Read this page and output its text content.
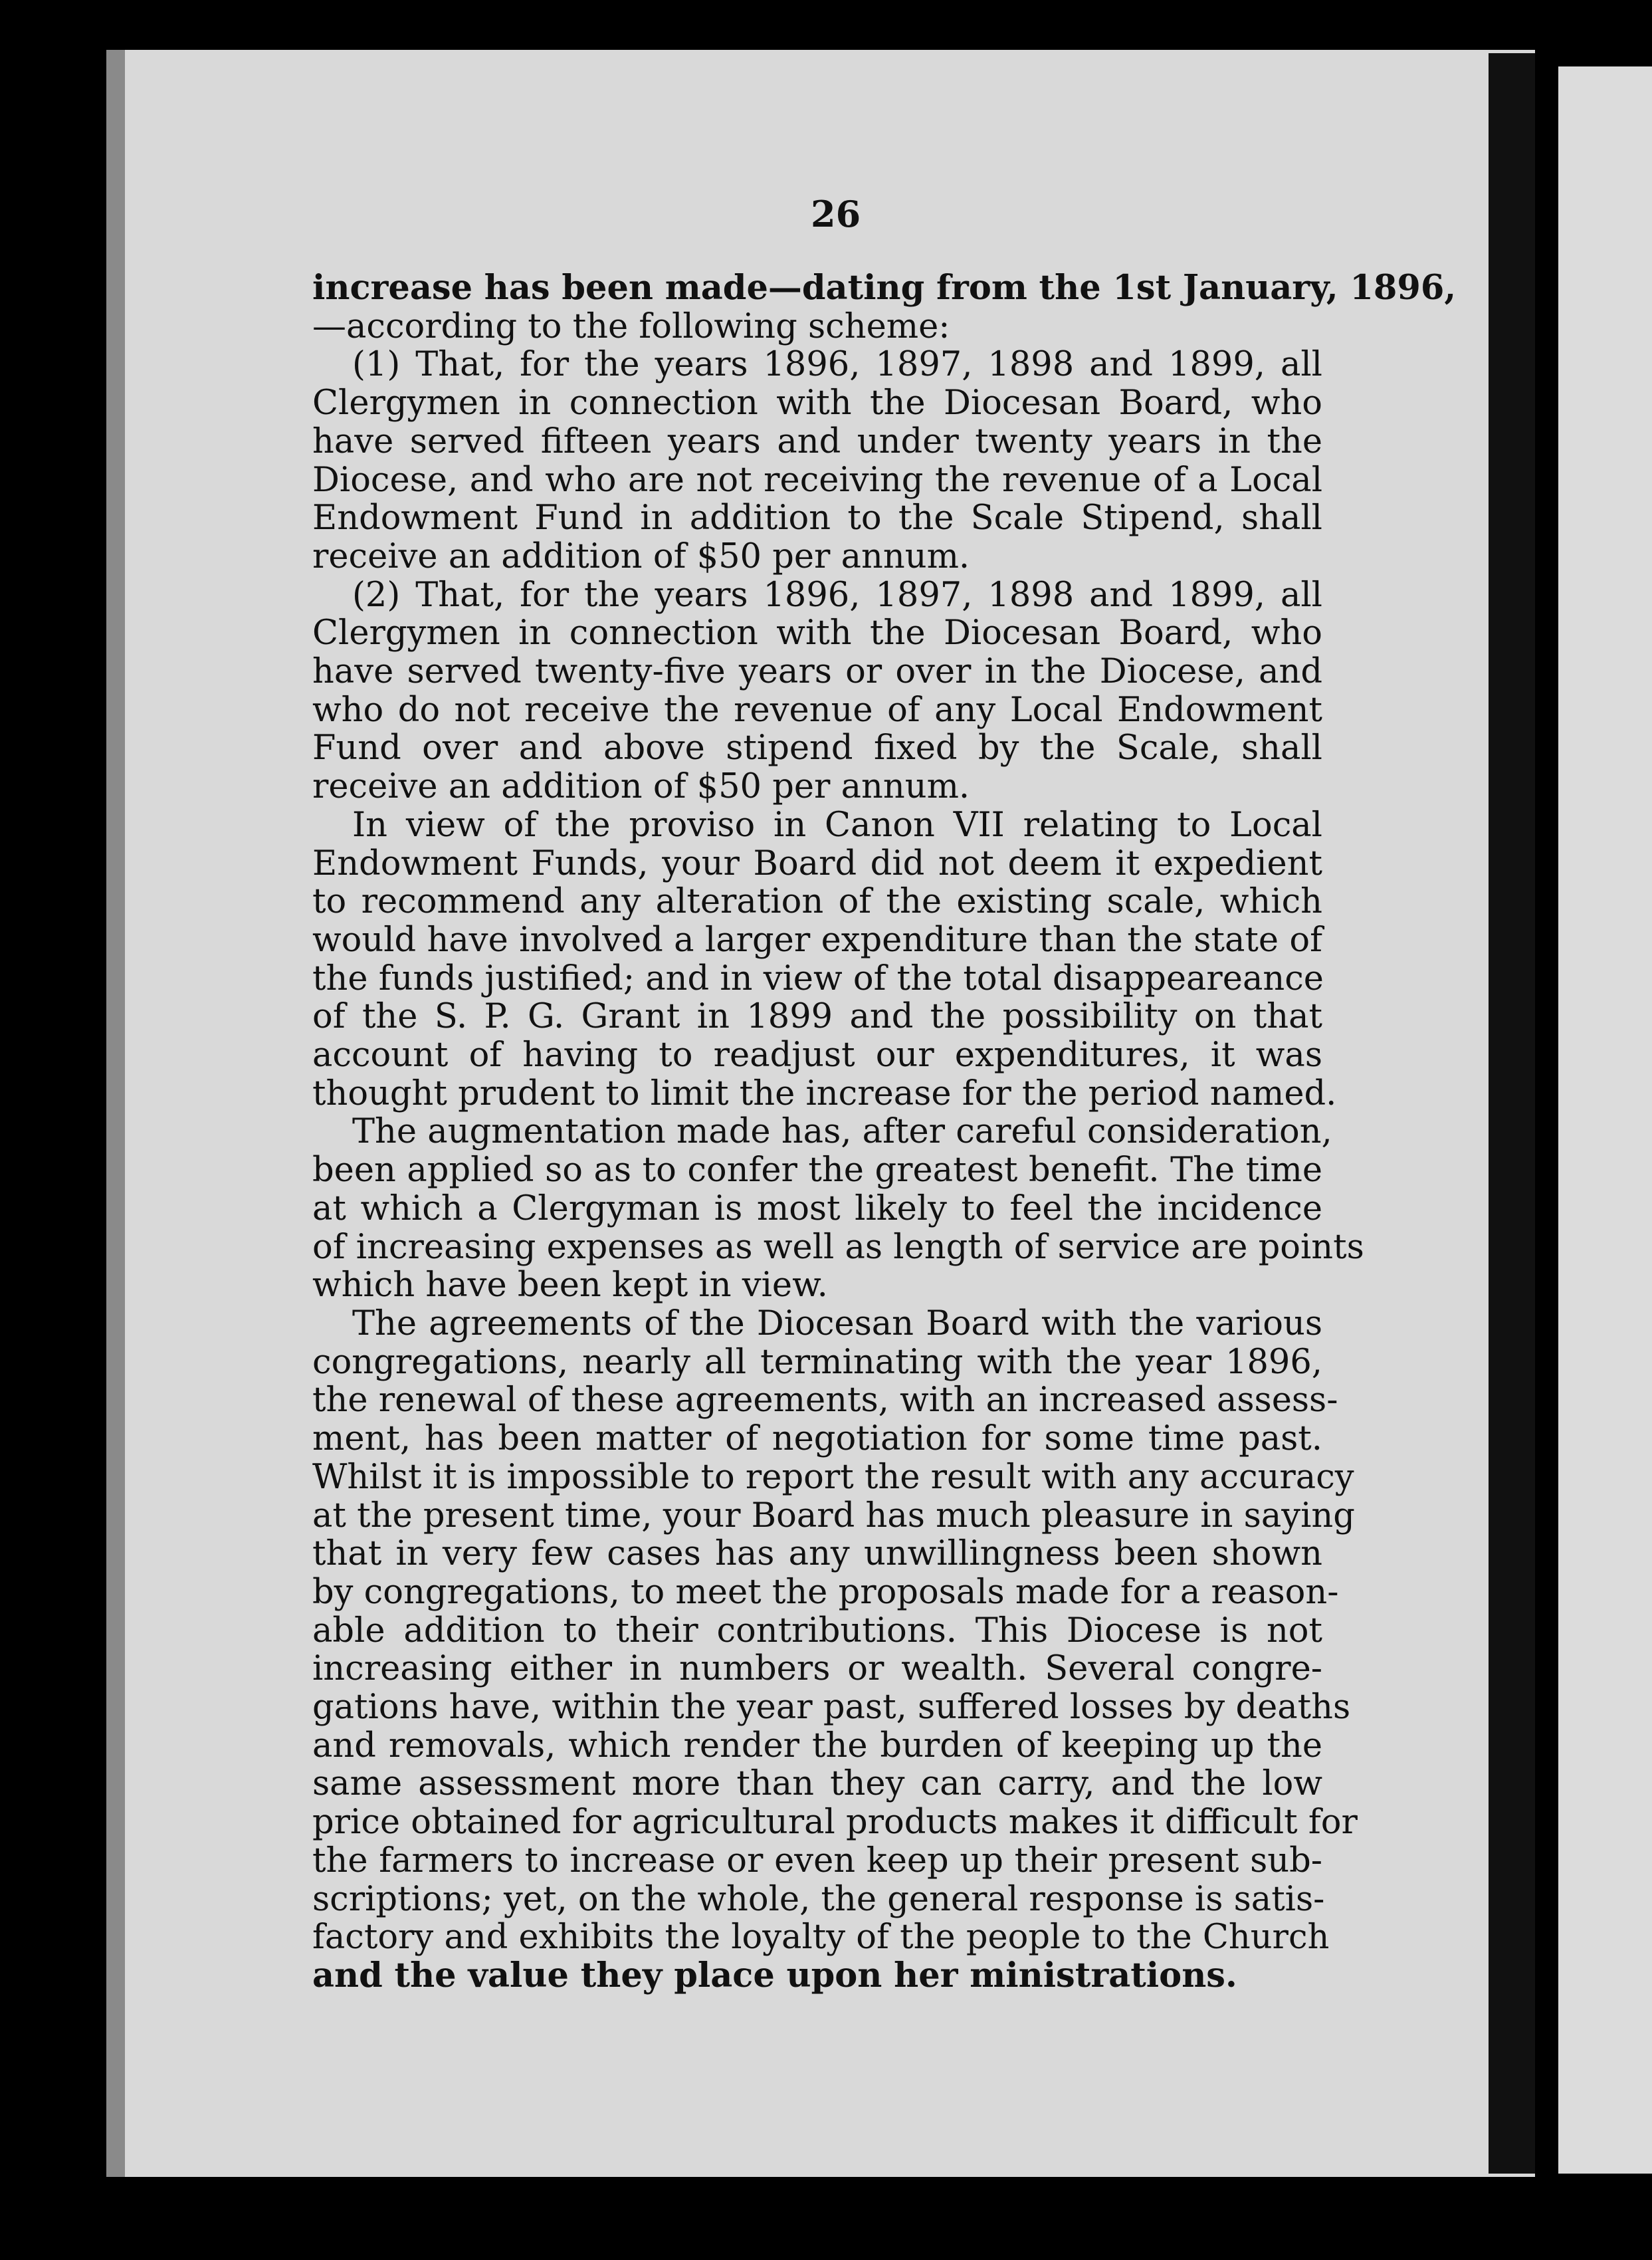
26
increase has been made—dating from the 1st January, 1896,
—according to the following scheme:
(1) That, for the years 1896, 1897, 1898 and 1899, all
Clergymen in connection with the Diocesan Board, who
have served fifteen years and under twenty years in the
Diocese, and who are not receiving the revenue of a Local
Endowment Fund in addition to the Scale Stipend, shall
receive an addition of $50 per annum.
(2) That, for the years 1896, 1897, 1898 and 1899, all
Clergymen in connection with the Diocesan Board, who
have served twenty-five years or over in the Diocese, and
who do not receive the revenue of any Local Endowment
Fund over and above stipend fixed by the Scale, shall
receive an addition of $50 per annum.
In view of the proviso in Canon VII relating to Local
Endowment Funds, your Board did not deem it expedient
to recommend any alteration of the existing scale, which
would have involved a larger expenditure than the state of
the funds justified; and in view of the total disappeareance
of the S. P. G. Grant in 1899 and the possibility on that
account of having to readjust our expenditures, it was
thought prudent to limit the increase for the period named.
The augmentation made has, after careful consideration,
been applied so as to confer the greatest benefit. The time
at which a Clergyman is most likely to feel the incidence
of increasing expenses as well as length of service are points
which have been kept in view.
The agreements of the Diocesan Board with the various
congregations, nearly all terminating with the year 1896,
the renewal of these agreements, with an increased assess-
ment, has been matter of negotiation for some time past.
Whilst it is impossible to report the result with any accuracy
at the present time, your Board has much pleasure in saying
that in very few cases has any unwillingness been shown
by congregations, to meet the proposals made for a reason-
able addition to their contributions. This Diocese is not
increasing either in numbers or wealth. Several congre-
gations have, within the year past, suffered losses by deaths
and removals, which render the burden of keeping up the
same assessment more than they can carry, and the low
price obtained for agricultural products makes it difficult for
the farmers to increase or even keep up their present sub-
scriptions; yet, on the whole, the general response is satis-
factory and exhibits the loyalty of the people to the Church
and the value they place upon her ministrations.
